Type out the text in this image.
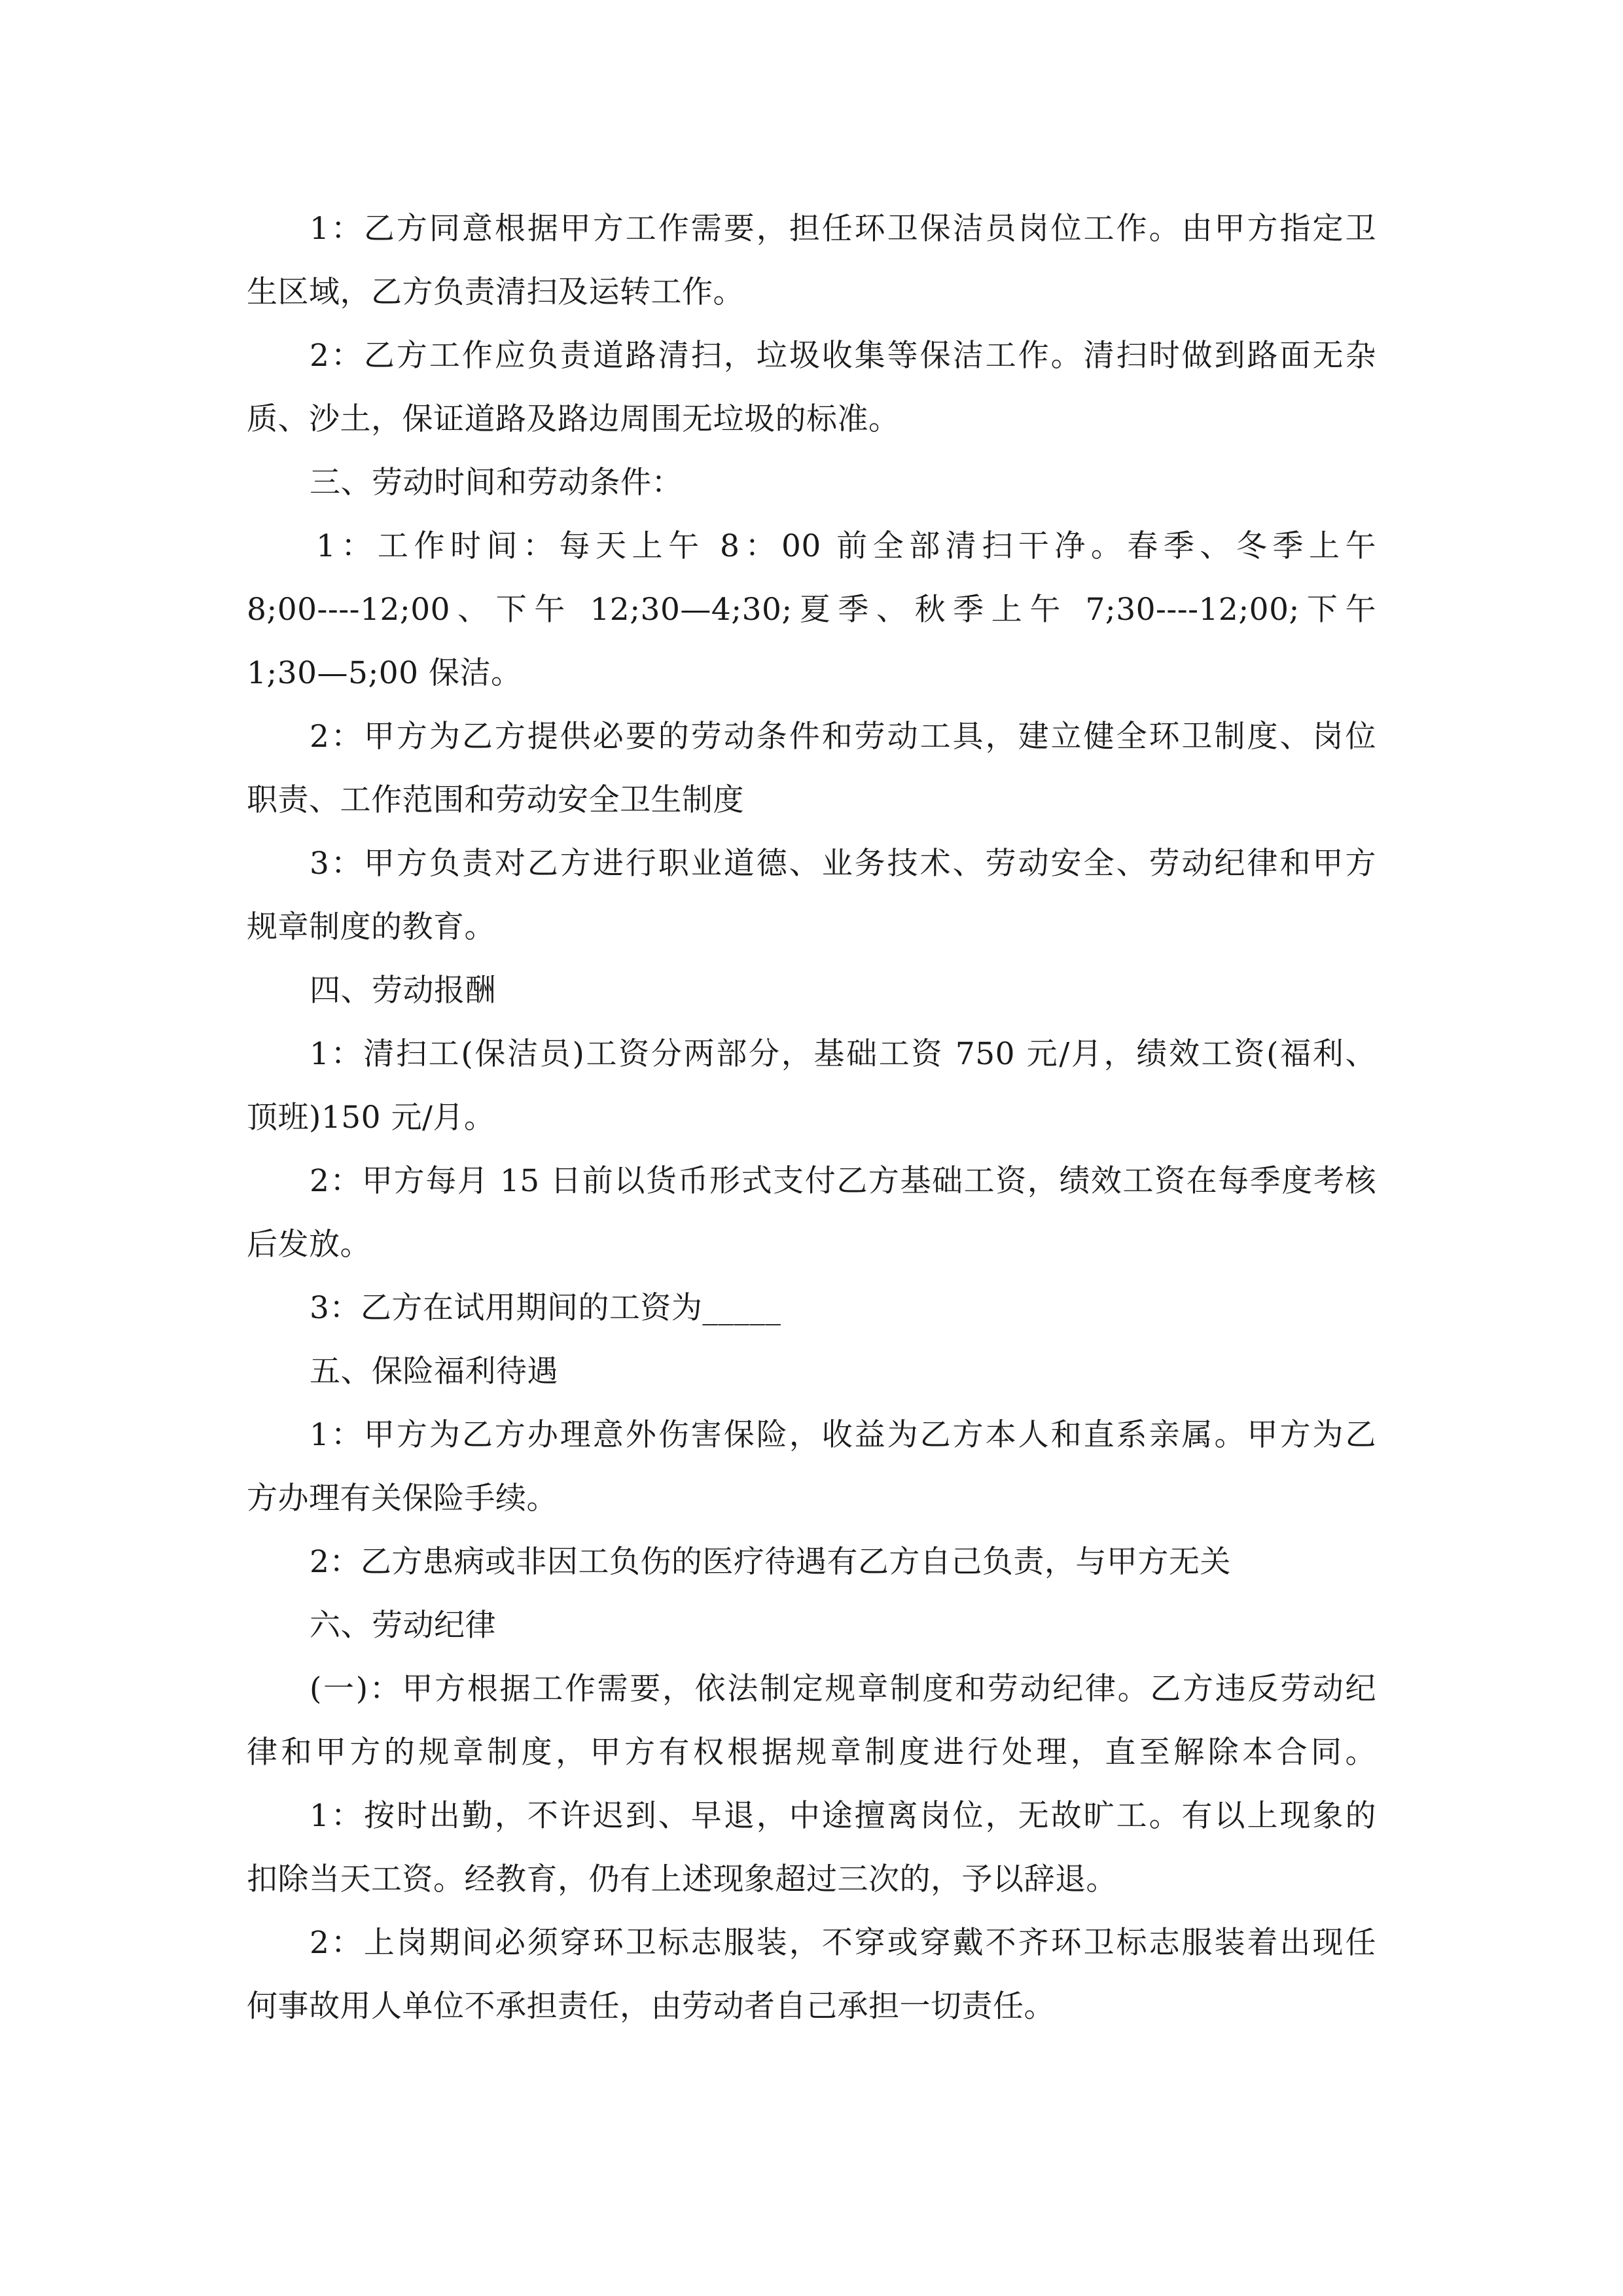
1：乙方同意根据甲方工作需要，担任环卫保洁员岗位工作。由甲方指定卫
生区域，乙方负责清扫及运转工作。
2：乙方工作应负责道路清扫，垃圾收集等保洁工作。清扫时做到路面无杂
质、沙土，保证道路及路边周围无垃圾的标准。
三、劳动时间和劳动条件：
1：工作时间：每天上午 8：00 前全部清扫干净。春季、冬季上午
8;00----12;00、下午 12;30—4;30;夏季、秋季上午 7;30----12;00;下午
1;30—5;00 保洁。
2：甲方为乙方提供必要的劳动条件和劳动工具，建立健全环卫制度、岗位
职责、工作范围和劳动安全卫生制度
3：甲方负责对乙方进行职业道德、业务技术、劳动安全、劳动纪律和甲方
规章制度的教育。
四、劳动报酬
1：清扫工(保洁员)工资分两部分，基础工资 750 元/月，绩效工资(福利、
顶班)150 元/月。
2：甲方每月 15 日前以货币形式支付乙方基础工资，绩效工资在每季度考核
后发放。
3：乙方在试用期间的工资为_____
五、保险福利待遇
1：甲方为乙方办理意外伤害保险，收益为乙方本人和直系亲属。甲方为乙
方办理有关保险手续。
2：乙方患病或非因工负伤的医疗待遇有乙方自己负责，与甲方无关
六、劳动纪律
(一)：甲方根据工作需要，依法制定规章制度和劳动纪律。乙方违反劳动纪
律和甲方的规章制度，甲方有权根据规章制度进行处理，直至解除本合同。
1：按时出勤，不许迟到、早退，中途擅离岗位，无故旷工。有以上现象的
扣除当天工资。经教育，仍有上述现象超过三次的，予以辞退。
2：上岗期间必须穿环卫标志服装，不穿或穿戴不齐环卫标志服装着出现任
何事故用人单位不承担责任，由劳动者自己承担一切责任。
